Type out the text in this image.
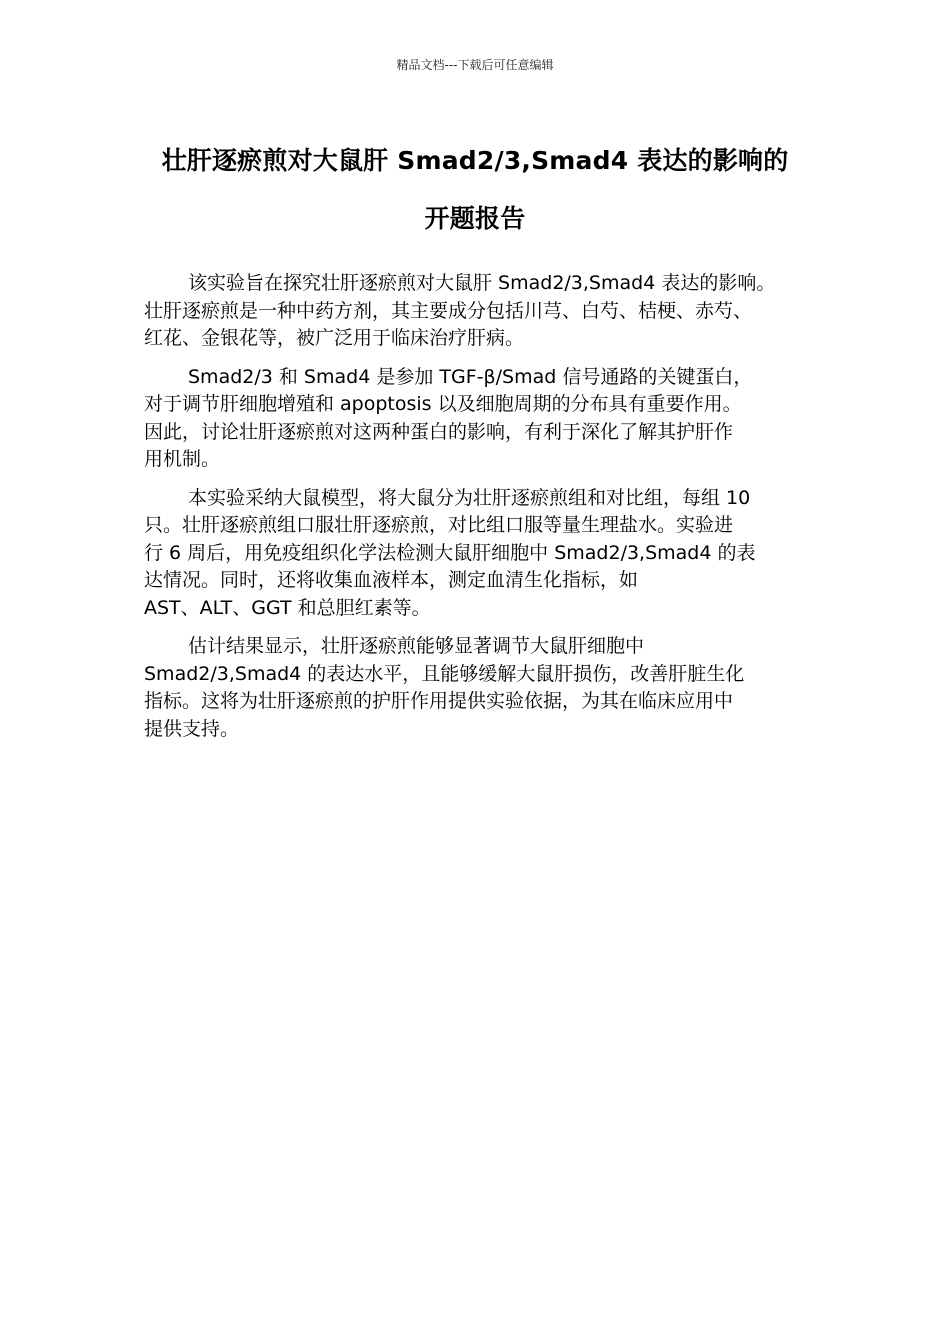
精品文档---下载后可任意编辑
壮肝逐瘀煎对大鼠肝 Smad2/3,Smad4 表达的影响的
开题报告

该实验旨在探究壮肝逐瘀煎对大鼠肝 Smad2/3,Smad4 表达的影响。
壮肝逐瘀煎是一种中药方剂，其主要成分包括川芎、白芍、桔梗、赤芍、
红花、金银花等，被广泛用于临床治疗肝病。

Smad2/3 和 Smad4 是参加 TGF-β/Smad 信号通路的关键蛋白，
对于调节肝细胞增殖和 apoptosis 以及细胞周期的分布具有重要作用。
因此，讨论壮肝逐瘀煎对这两种蛋白的影响，有利于深化了解其护肝作
用机制。

本实验采纳大鼠模型，将大鼠分为壮肝逐瘀煎组和对比组，每组 10
只。壮肝逐瘀煎组口服壮肝逐瘀煎，对比组口服等量生理盐水。实验进
行 6 周后，用免疫组织化学法检测大鼠肝细胞中 Smad2/3,Smad4 的表
达情况。同时，还将收集血液样本，测定血清生化指标，如
AST、ALT、GGT 和总胆红素等。

估计结果显示，壮肝逐瘀煎能够显著调节大鼠肝细胞中
Smad2/3,Smad4 的表达水平，且能够缓解大鼠肝损伤，改善肝脏生化
指标。这将为壮肝逐瘀煎的护肝作用提供实验依据，为其在临床应用中
提供支持。
